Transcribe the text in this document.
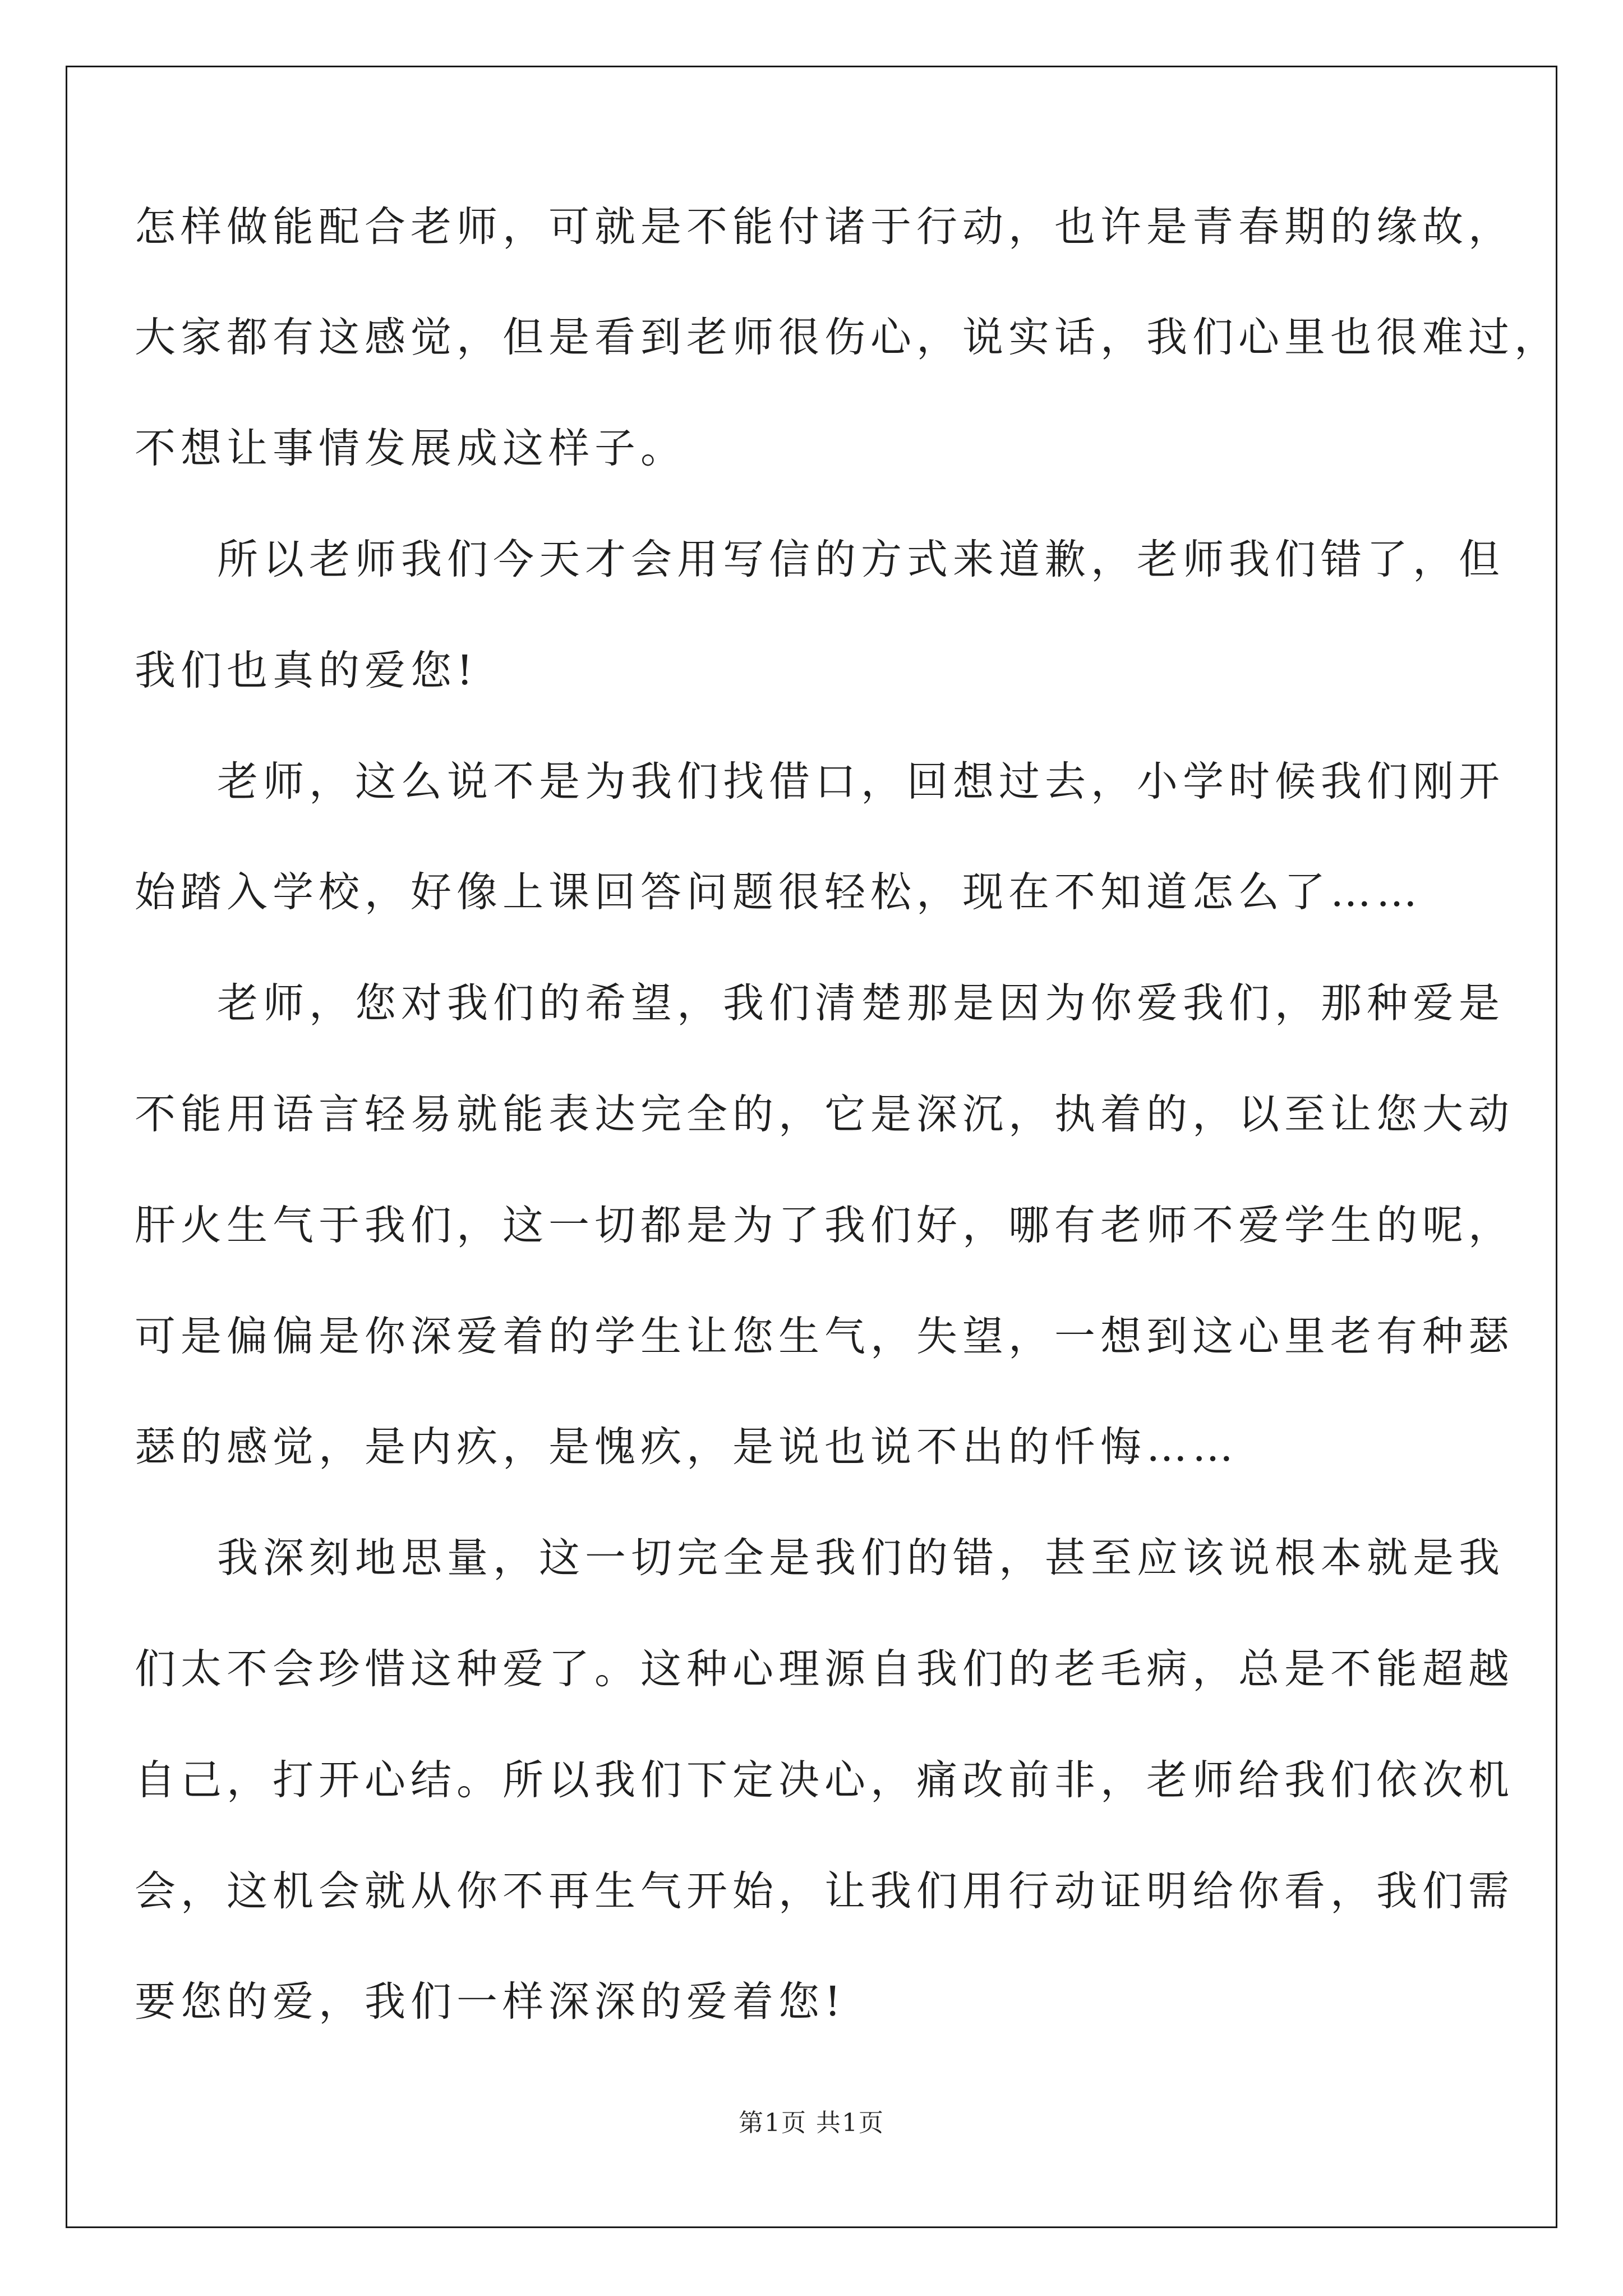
怎样做能配合老师，可就是不能付诸于行动，也许是青春期的缘故，
大家都有这感觉，但是看到老师很伤心，说实话，我们心里也很难过，
不想让事情发展成这样子。
所以老师我们今天才会用写信的方式来道歉，老师我们错了，但
我们也真的爱您!
老师，这么说不是为我们找借口，回想过去，小学时候我们刚开
始踏入学校，好像上课回答问题很轻松，现在不知道怎么了……
老师，您对我们的希望，我们清楚那是因为你爱我们，那种爱是
不能用语言轻易就能表达完全的，它是深沉，执着的，以至让您大动
肝火生气于我们，这一切都是为了我们好，哪有老师不爱学生的呢，
可是偏偏是你深爱着的学生让您生气，失望，一想到这心里老有种瑟
瑟的感觉，是内疚，是愧疚，是说也说不出的忏悔……
我深刻地思量，这一切完全是我们的错，甚至应该说根本就是我
们太不会珍惜这种爱了。这种心理源自我们的老毛病，总是不能超越
自己，打开心结。所以我们下定决心，痛改前非，老师给我们依次机
会，这机会就从你不再生气开始，让我们用行动证明给你看，我们需
要您的爱，我们一样深深的爱着您!
第1页 共1页
